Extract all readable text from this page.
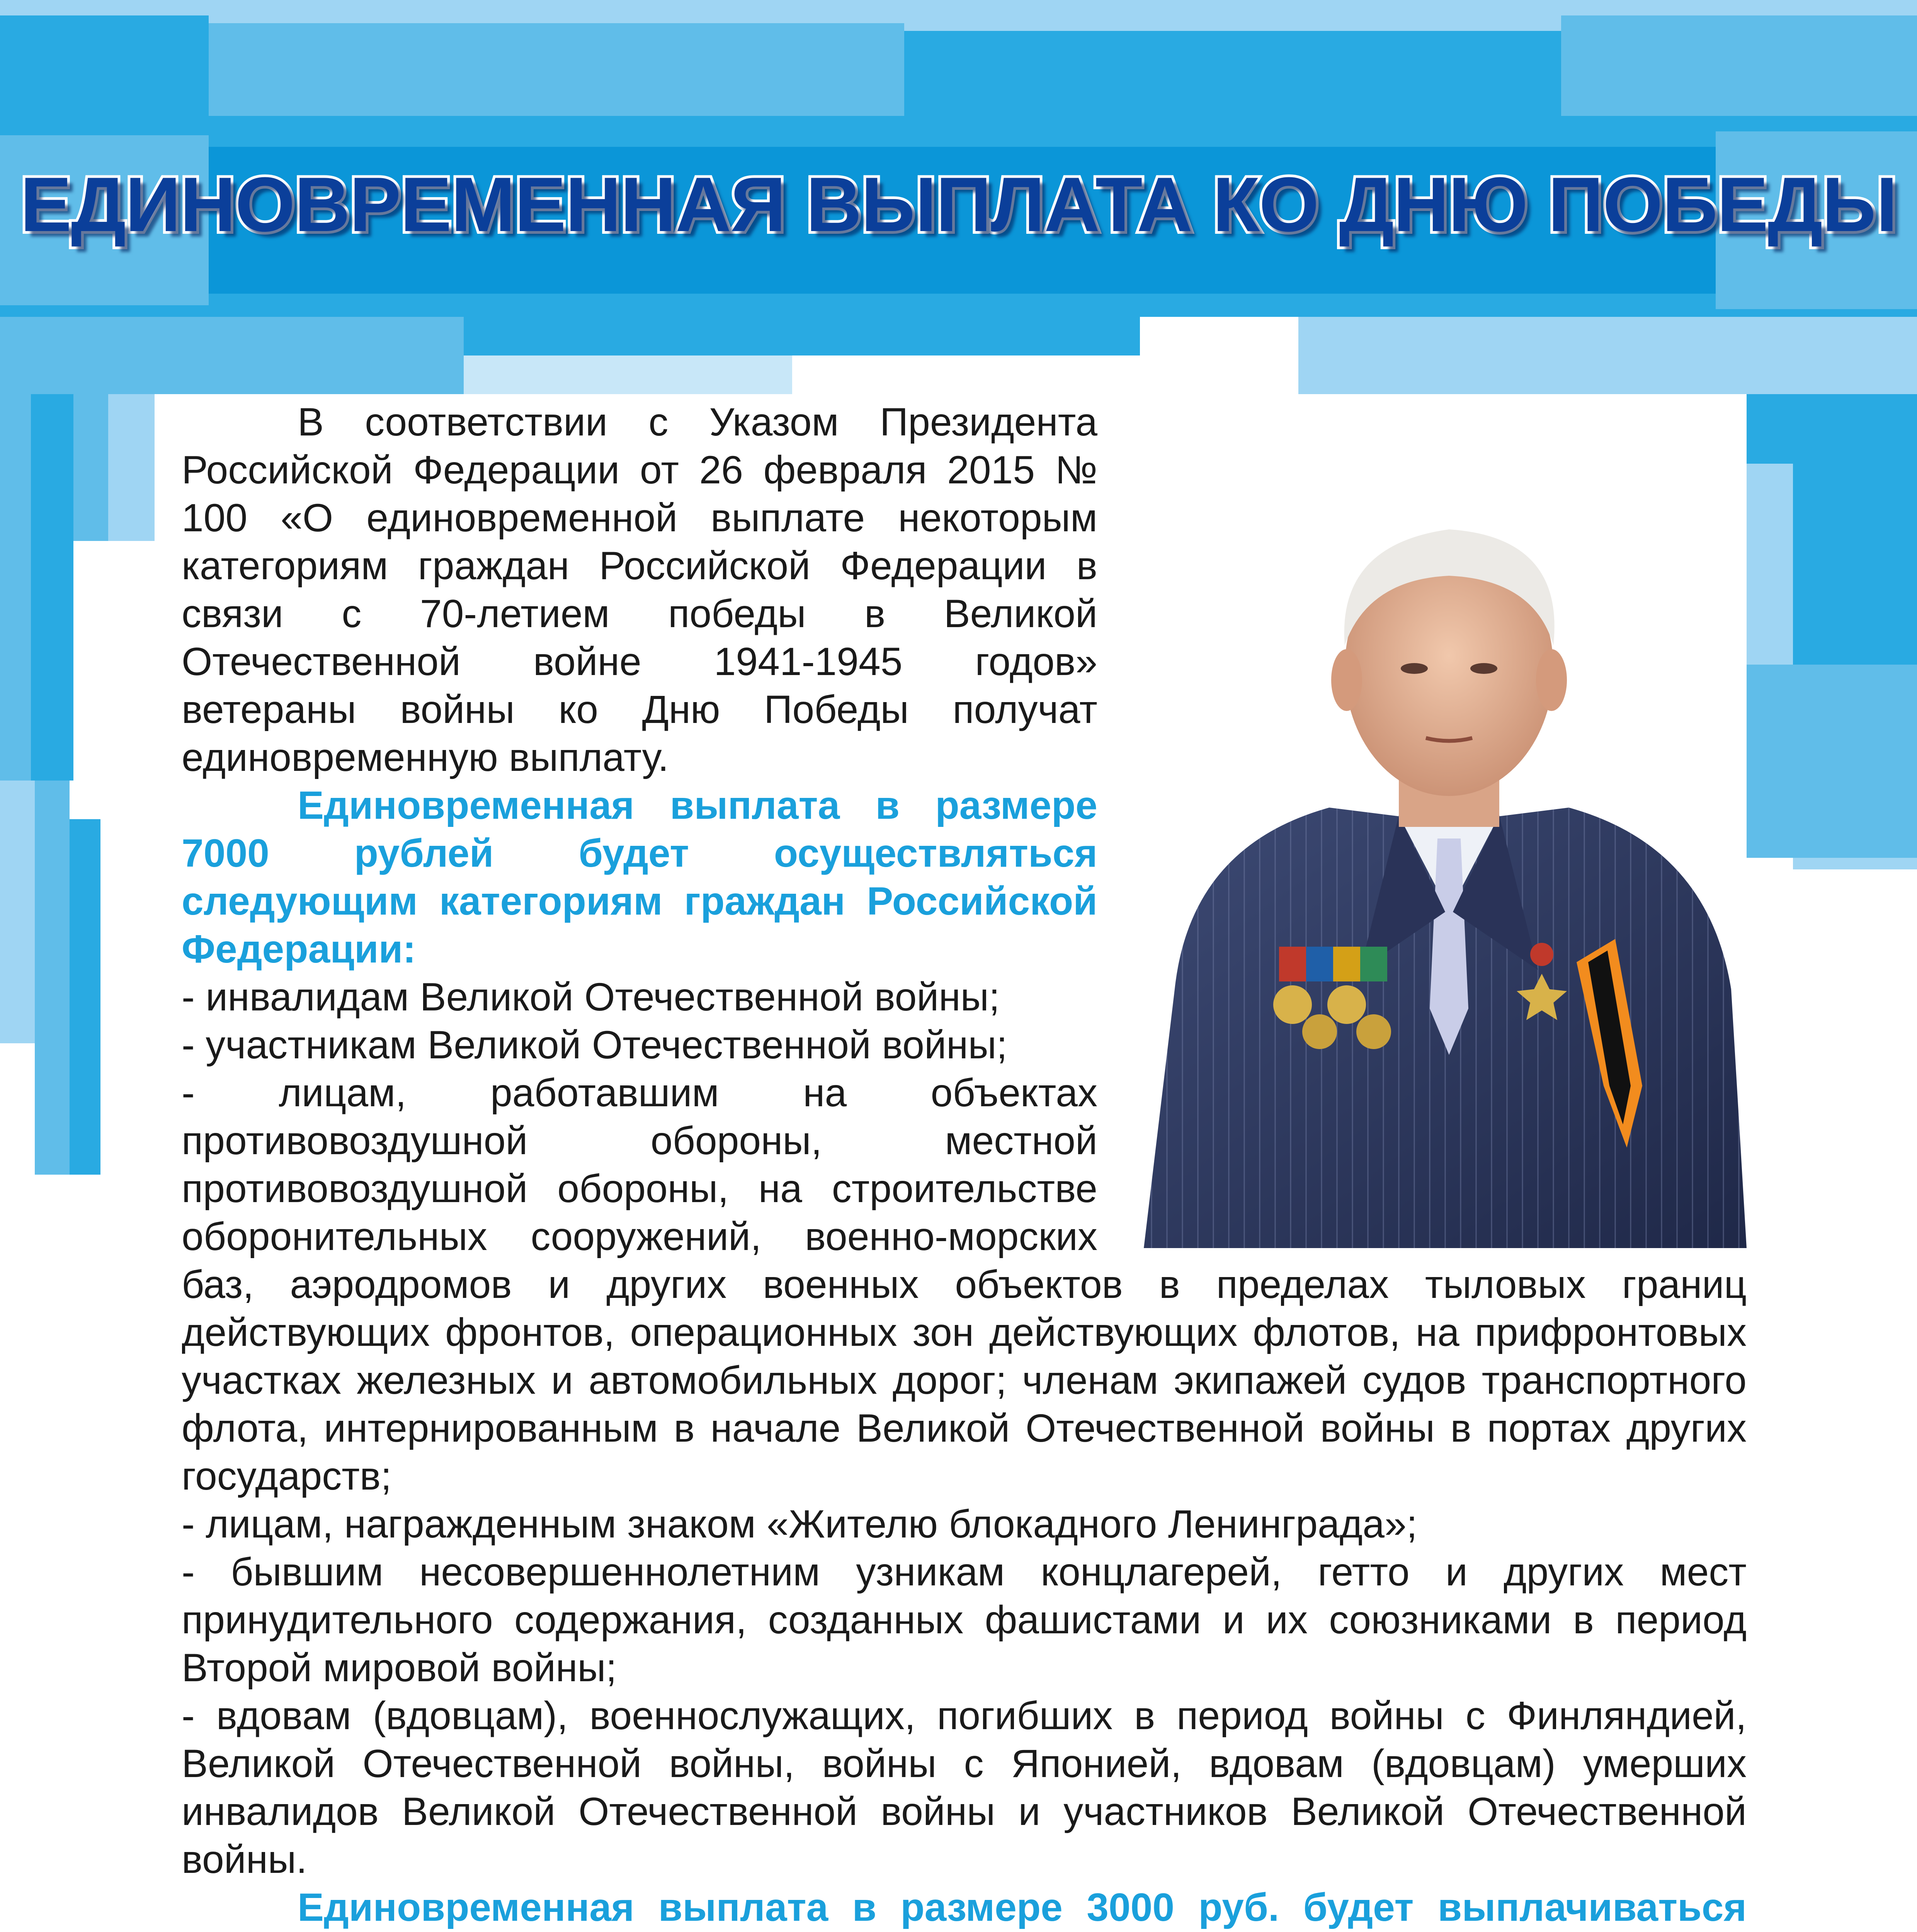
ЕДИНОВРЕМЕННАЯ ВЫПЛАТА КО ДНЮ ПОБЕДЫ

В соответствии с Указом Президента Российской Федерации от 26 февраля 2015 № 100 «О единовременной выплате некоторым категориям граждан Российской Федерации в связи с 70-летием победы в Великой Отечественной войне 1941-1945 годов» ветераны войны ко Дню Победы получат единовременную выплату.

Единовременная выплата в размере 7000 рублей будет осуществляться следующим категориям граждан Российской Федерации:

- инвалидам Великой Отечественной войны;

- участникам Великой Отечественной войны;

- лицам, работавшим на объектах противовоздушной обороны, местной противовоздушной обороны, на строительстве оборонительных сооружений, военно-морских баз, аэродромов и других военных объектов в пределах тыловых границ действующих фронтов, операционных зон действующих флотов, на прифронтовых участках железных и автомобильных дорог; членам экипажей судов транспортного флота, интернированным в начале Великой Отечественной войны в портах других государств;

- лицам, награжденным знаком «Жителю блокадного Ленинграда»;

- бывшим несовершеннолетним узникам концлагерей, гетто и других мест принудительного содержания, созданных фашистами и их союзниками в период Второй мировой войны;

- вдовам (вдовцам), военнослужащих, погибших в период войны с Финляндией, Великой Отечественной войны, войны с Японией, вдовам (вдовцам) умерших инвалидов Великой Отечественной войны и участников Великой Отечественной войны.

Единовременная выплата в размере 3000 руб. будет выплачиваться
